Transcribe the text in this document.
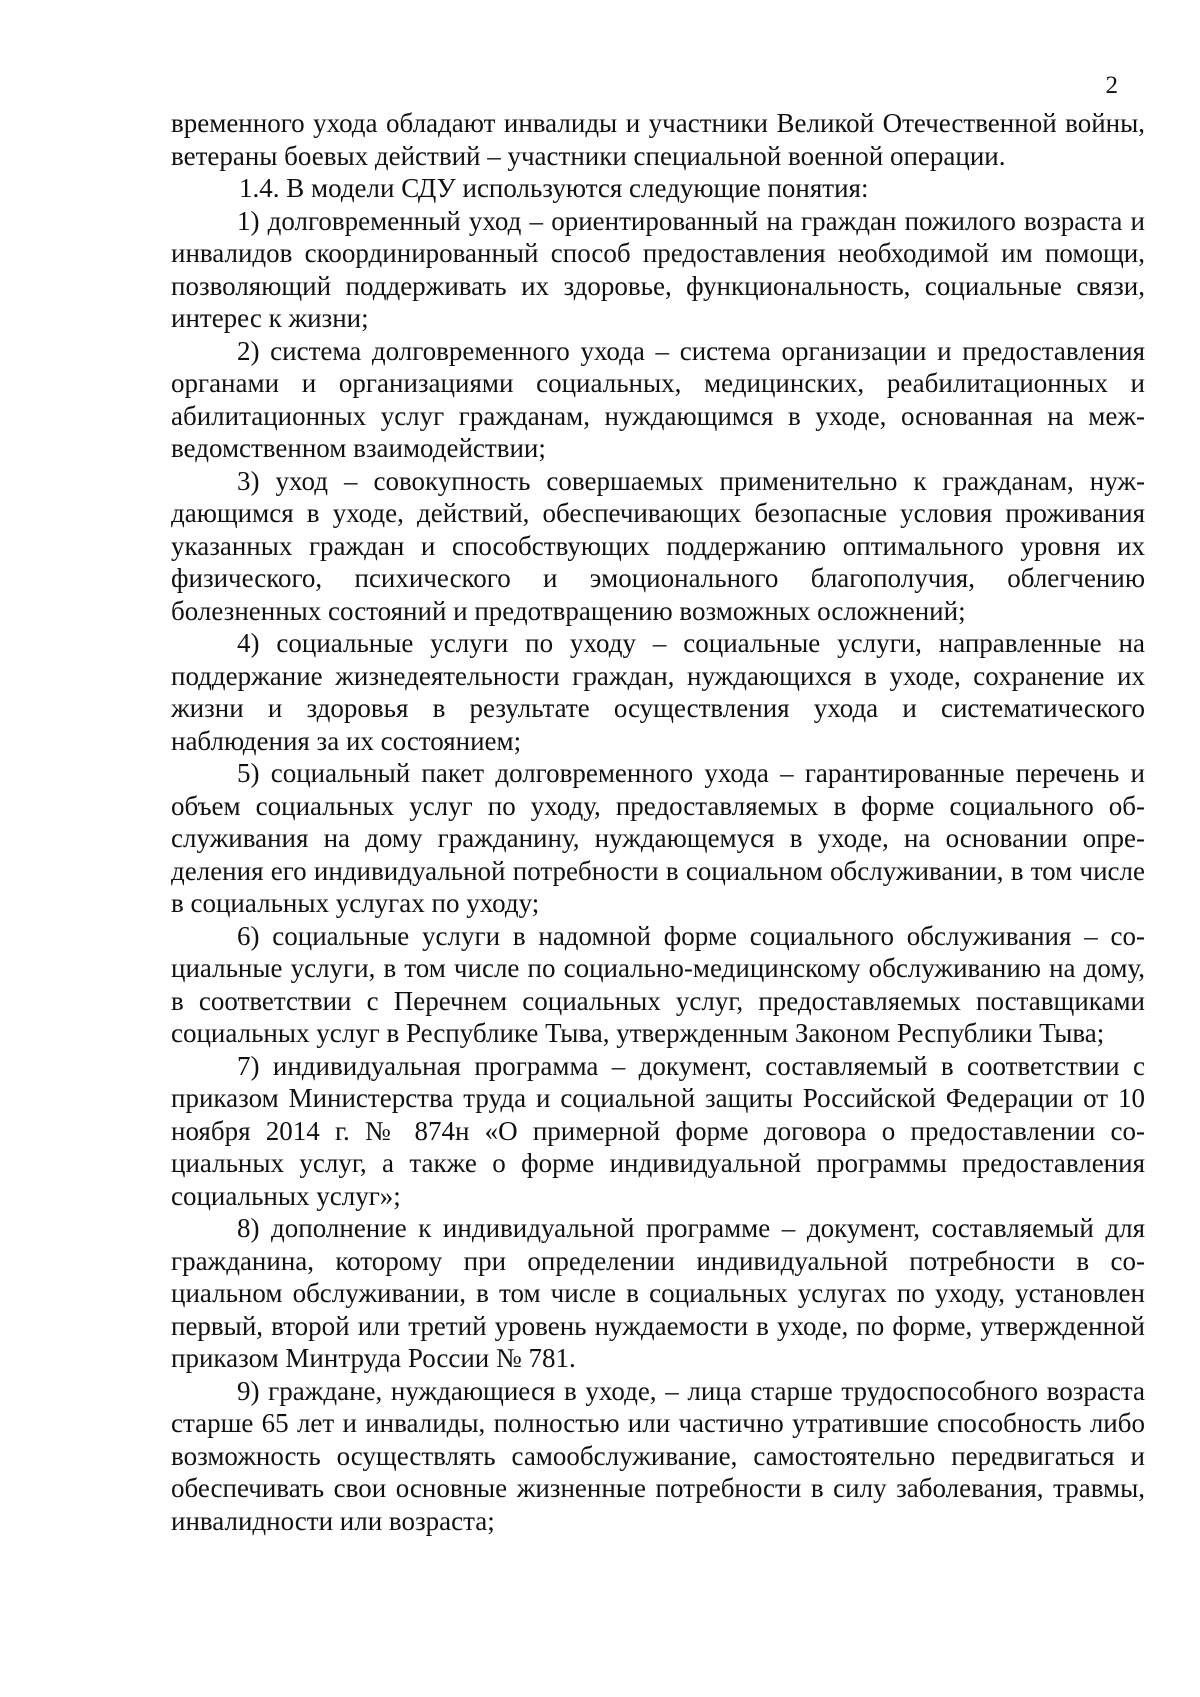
2

временного ухода обладают инвалиды и участники Великой Отечественной войны, ветераны боевых действий – участники специальной военной операции.

1.4. В модели СДУ используются следующие понятия:

1) долговременный уход – ориентированный на граждан пожилого возраста и инвалидов скоординированный способ предоставления необходимой им помощи, позволяющий поддерживать их здоровье, функциональность, социальные связи, интерес к жизни;

2) система долговременного ухода – система организации и предоставления органами и организациями социальных, медицинских, реабилитационных и абилитационных услуг гражданам, нуждающимся в уходе, основанная на межведомственном взаимодействии;

3) уход – совокупность совершаемых применительно к гражданам, нуждающимся в уходе, действий, обеспечивающих безопасные условия проживания указанных граждан и способствующих поддержанию оптимального уровня их физического, психического и эмоционального благополучия, облегчению болезненных состояний и предотвращению возможных осложнений;

4) социальные услуги по уходу – социальные услуги, направленные на поддержание жизнедеятельности граждан, нуждающихся в уходе, сохранение их жизни и здоровья в результате осуществления ухода и систематического наблюдения за их состоянием;

5) социальный пакет долговременного ухода – гарантированные перечень и объем социальных услуг по уходу, предоставляемых в форме социального обслуживания на дому гражданину, нуждающемуся в уходе, на основании определения его индивидуальной потребности в социальном обслуживании, в том числе в социальных услугах по уходу;

6) социальные услуги в надомной форме социального обслуживания – социальные услуги, в том числе по социально-медицинскому обслуживанию на дому, в соответствии с Перечнем социальных услуг, предоставляемых поставщиками социальных услуг в Республике Тыва, утвержденным Законом Республики Тыва;

7) индивидуальная программа – документ, составляемый в соответствии с приказом Министерства труда и социальной защиты Российской Федерации от 10 ноября 2014 г. № 874н «О примерной форме договора о предоставлении социальных услуг, а также о форме индивидуальной программы предоставления социальных услуг»;

8) дополнение к индивидуальной программе – документ, составляемый для гражданина, которому при определении индивидуальной потребности в социальном обслуживании, в том числе в социальных услугах по уходу, установлен первый, второй или третий уровень нуждаемости в уходе, по форме, утвержденной приказом Минтруда России № 781.

9) граждане, нуждающиеся в уходе, – лица старше трудоспособного возраста старше 65 лет и инвалиды, полностью или частично утратившие способность либо возможность осуществлять самообслуживание, самостоятельно передвигаться и обеспечивать свои основные жизненные потребности в силу заболевания, травмы, инвалидности или возраста;
